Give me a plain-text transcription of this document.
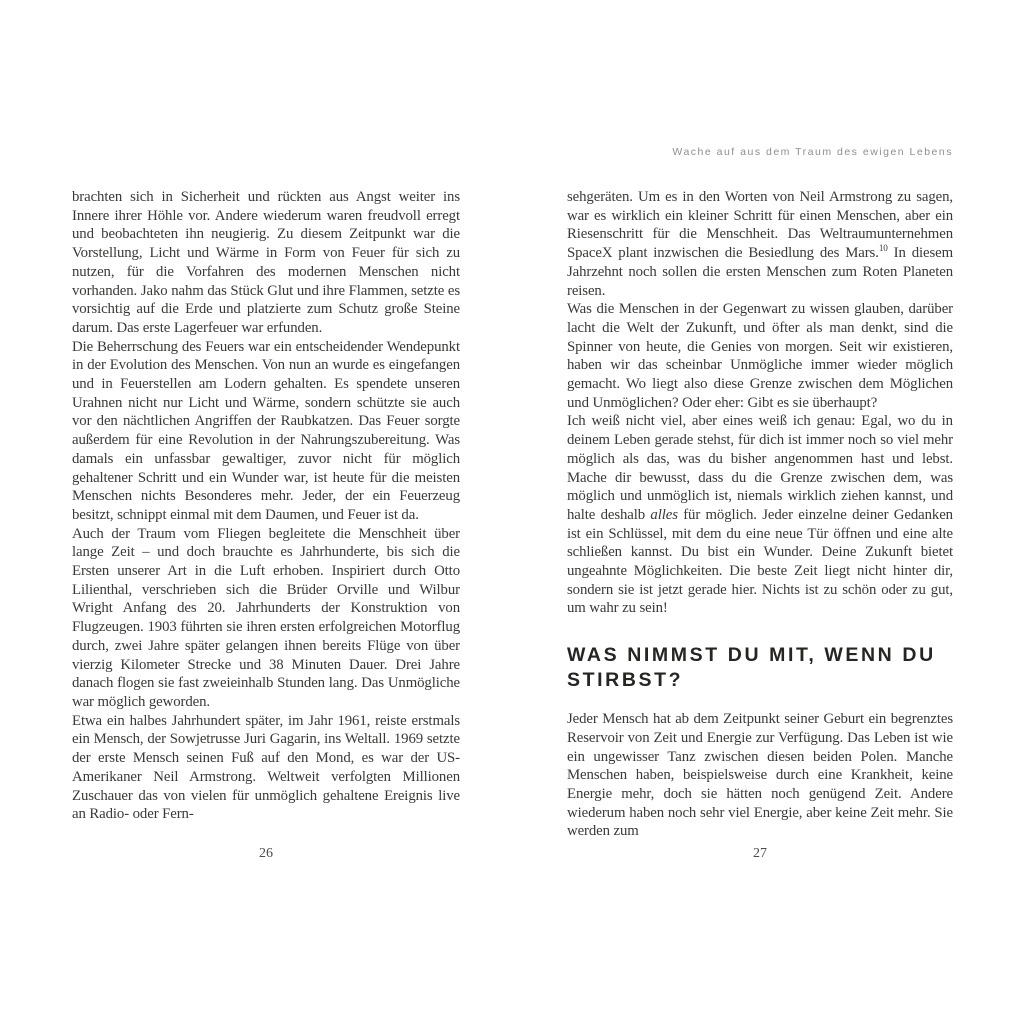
Wache auf aus dem Traum des ewigen Lebens

brachten sich in Sicherheit und rückten aus Angst weiter ins Innere ihrer Höhle vor. Andere wiederum waren freudvoll erregt und beobachteten ihn neugierig. Zu diesem Zeitpunkt war die Vorstellung, Licht und Wärme in Form von Feuer für sich zu nutzen, für die Vorfahren des modernen Menschen nicht vorhanden. Jako nahm das Stück Glut und ihre Flammen, setzte es vorsichtig auf die Erde und platzierte zum Schutz große Steine darum. Das erste Lagerfeuer war erfunden.

Die Beherrschung des Feuers war ein entscheidender Wendepunkt in der Evolution des Menschen. Von nun an wurde es eingefangen und in Feuerstellen am Lodern gehalten. Es spendete unseren Urahnen nicht nur Licht und Wärme, sondern schützte sie auch vor den nächtlichen Angriffen der Raubkatzen. Das Feuer sorgte außerdem für eine Revolution in der Nahrungszubereitung. Was damals ein unfassbar gewaltiger, zuvor nicht für möglich gehaltener Schritt und ein Wunder war, ist heute für die meisten Menschen nichts Besonderes mehr. Jeder, der ein Feuerzeug besitzt, schnippt einmal mit dem Daumen, und Feuer ist da.

Auch der Traum vom Fliegen begleitete die Menschheit über lange Zeit – und doch brauchte es Jahrhunderte, bis sich die Ersten unserer Art in die Luft erhoben. Inspiriert durch Otto Lilienthal, verschrieben sich die Brüder Orville und Wilbur Wright Anfang des 20. Jahrhunderts der Konstruktion von Flugzeugen. 1903 führten sie ihren ersten erfolgreichen Motorflug durch, zwei Jahre später gelangen ihnen bereits Flüge von über vierzig Kilometer Strecke und 38 Minuten Dauer. Drei Jahre danach flogen sie fast zweieinhalb Stunden lang. Das Unmögliche war möglich geworden.

Etwa ein halbes Jahrhundert später, im Jahr 1961, reiste erstmals ein Mensch, der Sowjetrusse Juri Gagarin, ins Weltall. 1969 setzte der erste Mensch seinen Fuß auf den Mond, es war der US-Amerikaner Neil Armstrong. Weltweit verfolgten Millionen Zuschauer das von vielen für unmöglich gehaltene Ereignis live an Radio- oder Fern-

sehgeräten. Um es in den Worten von Neil Armstrong zu sagen, war es wirklich ein kleiner Schritt für einen Menschen, aber ein Riesenschritt für die Menschheit. Das Weltraumunternehmen SpaceX plant inzwischen die Besiedlung des Mars.$^{10}$ In diesem Jahrzehnt noch sollen die ersten Menschen zum Roten Planeten reisen.

Was die Menschen in der Gegenwart zu wissen glauben, darüber lacht die Welt der Zukunft, und öfter als man denkt, sind die Spinner von heute, die Genies von morgen. Seit wir existieren, haben wir das scheinbar Unmögliche immer wieder möglich gemacht. Wo liegt also diese Grenze zwischen dem Möglichen und Unmöglichen? Oder eher: Gibt es sie überhaupt?

Ich weiß nicht viel, aber eines weiß ich genau: Egal, wo du in deinem Leben gerade stehst, für dich ist immer noch so viel mehr möglich als das, was du bisher angenommen hast und lebst. Mache dir bewusst, dass du die Grenze zwischen dem, was möglich und unmöglich ist, niemals wirklich ziehen kannst, und halte deshalb alles für möglich. Jeder einzelne deiner Gedanken ist ein Schlüssel, mit dem du eine neue Tür öffnen und eine alte schließen kannst. Du bist ein Wunder. Deine Zukunft bietet ungeahnte Möglichkeiten. Die beste Zeit liegt nicht hinter dir, sondern sie ist jetzt gerade hier. Nichts ist zu schön oder zu gut, um wahr zu sein!

WAS NIMMST DU MIT, WENN DU STIRBST?

Jeder Mensch hat ab dem Zeitpunkt seiner Geburt ein begrenztes Reservoir von Zeit und Energie zur Verfügung. Das Leben ist wie ein ungewisser Tanz zwischen diesen beiden Polen. Manche Menschen haben, beispielsweise durch eine Krankheit, keine Energie mehr, doch sie hätten noch genügend Zeit. Andere wiederum haben noch sehr viel Energie, aber keine Zeit mehr. Sie werden zum

26	27
